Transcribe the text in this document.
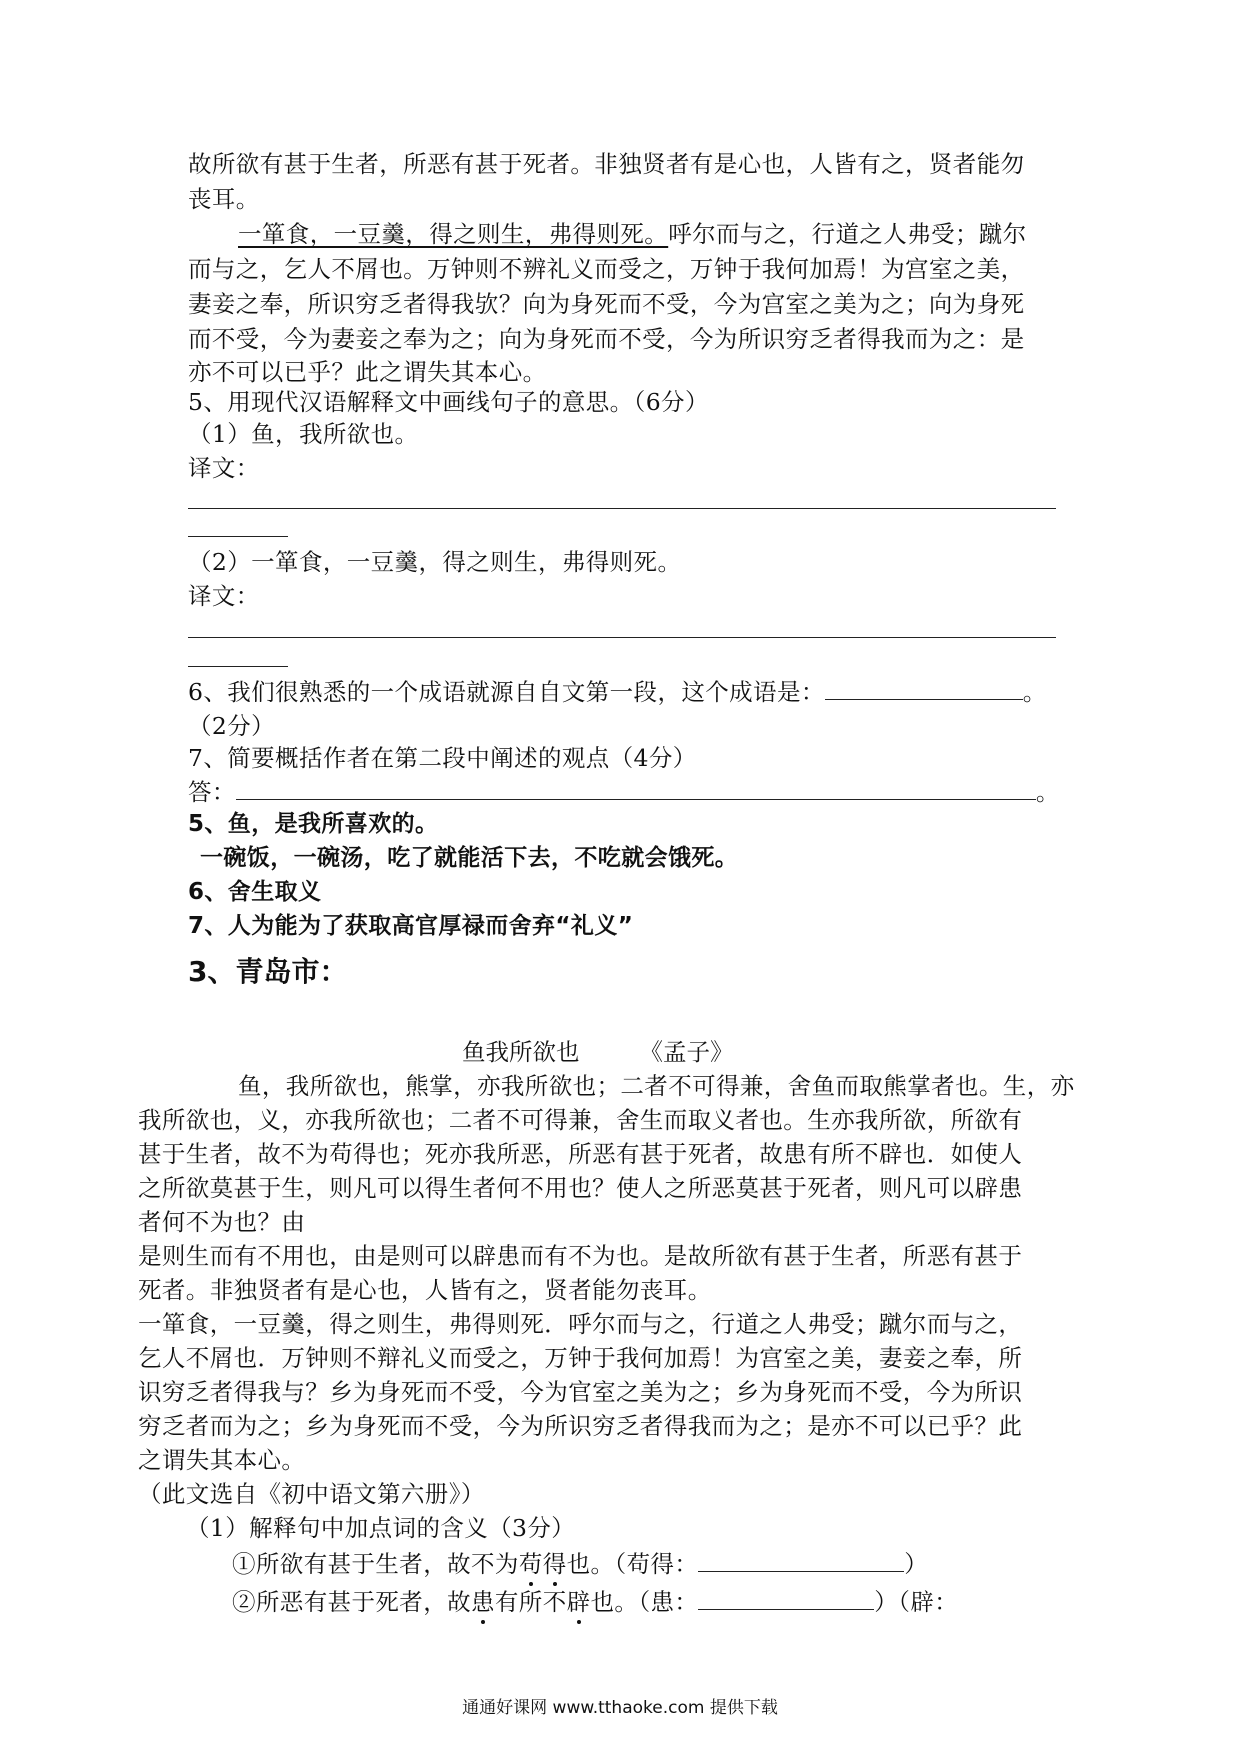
故所欲有甚于生者，所恶有甚于死者。非独贤者有是心也，人皆有之，贤者能勿
丧耳。
一箪食，一豆羹，得之则生，弗得则死。呼尔而与之，行道之人弗受；蹴尔
而与之，乞人不屑也。万钟则不辨礼义而受之，万钟于我何加焉！为宫室之美，
妻妾之奉，所识穷乏者得我欤？向为身死而不受，今为宫室之美为之；向为身死
而不受，今为妻妾之奉为之；向为身死而不受，今为所识穷乏者得我而为之：是
亦不可以已乎？此之谓失其本心。
5、用现代汉语解释文中画线句子的意思。（6分）
（1）鱼，我所欲也。
译文：
（2）一箪食，一豆羹，得之则生，弗得则死。
译文：
6、我们很熟悉的一个成语就源自自文第一段，这个成语是：	。
（2分）
7、简要概括作者在第二段中阐述的观点（4分）
答：	。
5、鱼，是我所喜欢的。
一碗饭，一碗汤，吃了就能活下去，不吃就会饿死。
6、舍生取义
7、人为能为了获取高官厚禄而舍弃“礼义”
3、青岛市：
鱼我所欲也	《孟子》
鱼，我所欲也，熊掌，亦我所欲也；二者不可得兼，舍鱼而取熊掌者也。生，亦
我所欲也，义，亦我所欲也；二者不可得兼，舍生而取义者也。生亦我所欲，所欲有
甚于生者，故不为苟得也；死亦我所恶，所恶有甚于死者，故患有所不辟也．如使人
之所欲莫甚于生，则凡可以得生者何不用也？使人之所恶莫甚于死者，则凡可以辟患
者何不为也？由
是则生而有不用也，由是则可以辟患而有不为也。是故所欲有甚于生者，所恶有甚于
死者。非独贤者有是心也，人皆有之，贤者能勿丧耳。
一箪食，一豆羹，得之则生，弗得则死．呼尔而与之，行道之人弗受；蹴尔而与之，
乞人不屑也．万钟则不辩礼义而受之，万钟于我何加焉！为宫室之美，妻妾之奉，所
识穷乏者得我与？乡为身死而不受，今为官室之美为之；乡为身死而不受，今为所识
穷乏者而为之；乡为身死而不受，今为所识穷乏者得我而为之；是亦不可以已乎？此
之谓失其本心。
（此文选自《初中语文第六册》）
（1）解释句中加点词的含义（3分）
①所欲有甚于生者，故不为苟得也。（苟得：	）
②所恶有甚于死者，故患有所不辟也。（患：	）（辟：
通通好课网 www.tthaoke.com 提供下载
